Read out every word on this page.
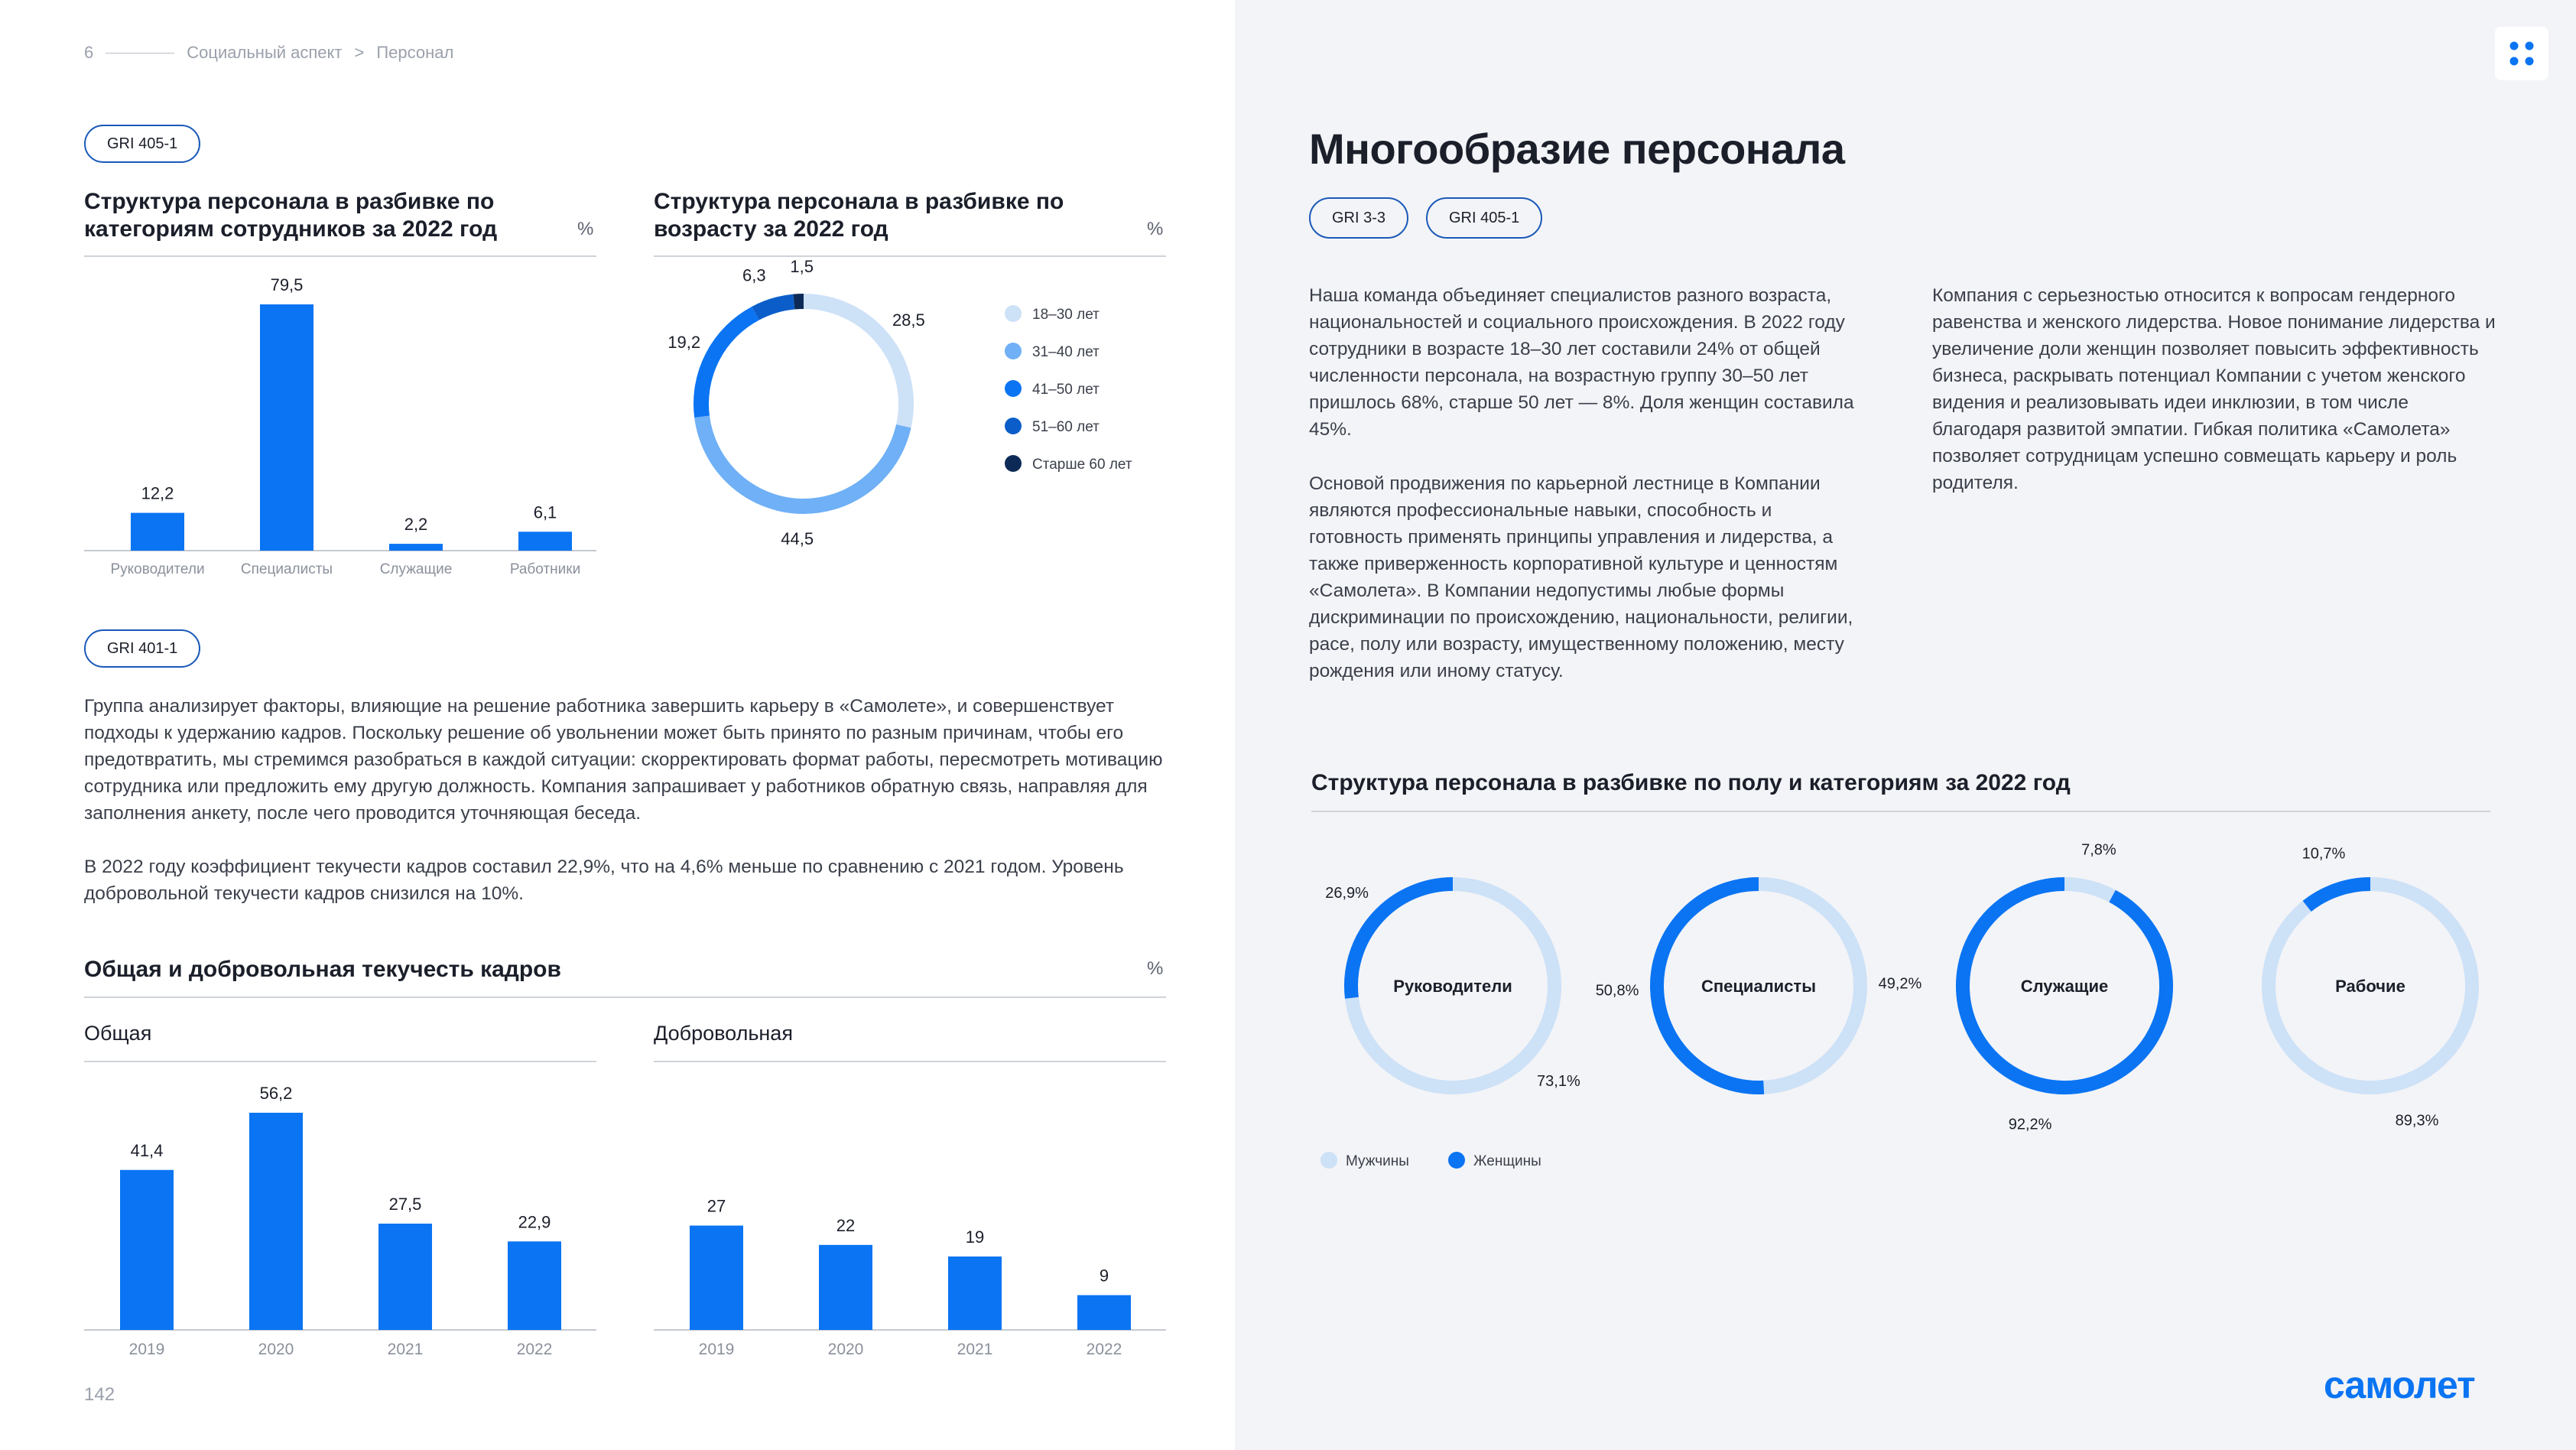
6	Социальный аспект > Персонал
GRI 405-1
Структура персонала в разбивке по категориям сотрудников за 2022 год	%
Структура персонала в разбивке по возрасту за 2022 год	%
12,2
Руководители
79,5
Специалисты
2,2
Служащие
6,1
Работники
28,5
44,5
19,2
6,3 1,5
18–30 лет
31–40 лет
41–50 лет
51–60 лет
Старше 60 лет
GRI 401-1
Группа анализирует факторы, влияющие на решение работника завершить карьеру в «Самолете», и совершенствует подходы к удержанию кадров. Поскольку решение об увольнении может быть принято по разным причинам, чтобы его предотвратить, мы стремимся разобраться в каждой ситуации: скорректировать формат работы, пересмотреть мотивацию сотрудника или предложить ему другую должность. Компания запрашивает у работников обратную связь, направляя для заполнения анкету, после чего проводится уточняющая беседа.
В 2022 году коэффициент текучести кадров составил 22,9%, что на 4,6% меньше по сравнению с 2021 годом. Уровень добровольной текучести кадров снизился на 10%.
Общая и добровольная текучесть кадров	%
Общая	Добровольная
41,4
2019
56,2
2020
27,5
2021
22,9
2022
27
2019
22
2020
19
2021
9
2022
142
Многообразие персонала
GRI 3-3	GRI 405-1
Наша команда объединяет специалистов разного возраста, национальностей и социального происхождения. В 2022 году сотрудники в возрасте 18–30 лет составили 24% от общей численности персонала, на возрастную группу 30–50 лет пришлось 68%, старше 50 лет — 8%. Доля женщин составила 45%.
Основой продвижения по карьерной лестнице в Компании являются профессиональные навыки, способность и готовность применять принципы управления и лидерства, а также приверженность корпоративной культуре и ценностям «Самолета». В Компании недопустимы любые формы дискриминации по происхождению, национальности, религии, расе, полу или возрасту, имущественному положению, месту рождения или иному статусу.
Компания с серьезностью относится к вопросам гендерного равенства и женского лидерства. Новое понимание лидерства и увеличение доли женщин позволяет повысить эффективность бизнеса, раскрывать потенциал Компании с учетом женского видения и реализовывать идеи инклюзии, в том числе благодаря развитой эмпатии. Гибкая политика «Самолета» позволяет сотрудницам успешно совмещать карьеру и роль родителя.
Структура персонала в разбивке по полу и категориям за 2022 год
Руководители
26,9%
73,1%
Специалисты
50,8%	49,2%	Служащие
92,2%
7,8%
Рабочие
10,7%
89,3%
Мужчины	Женщины
самолет
